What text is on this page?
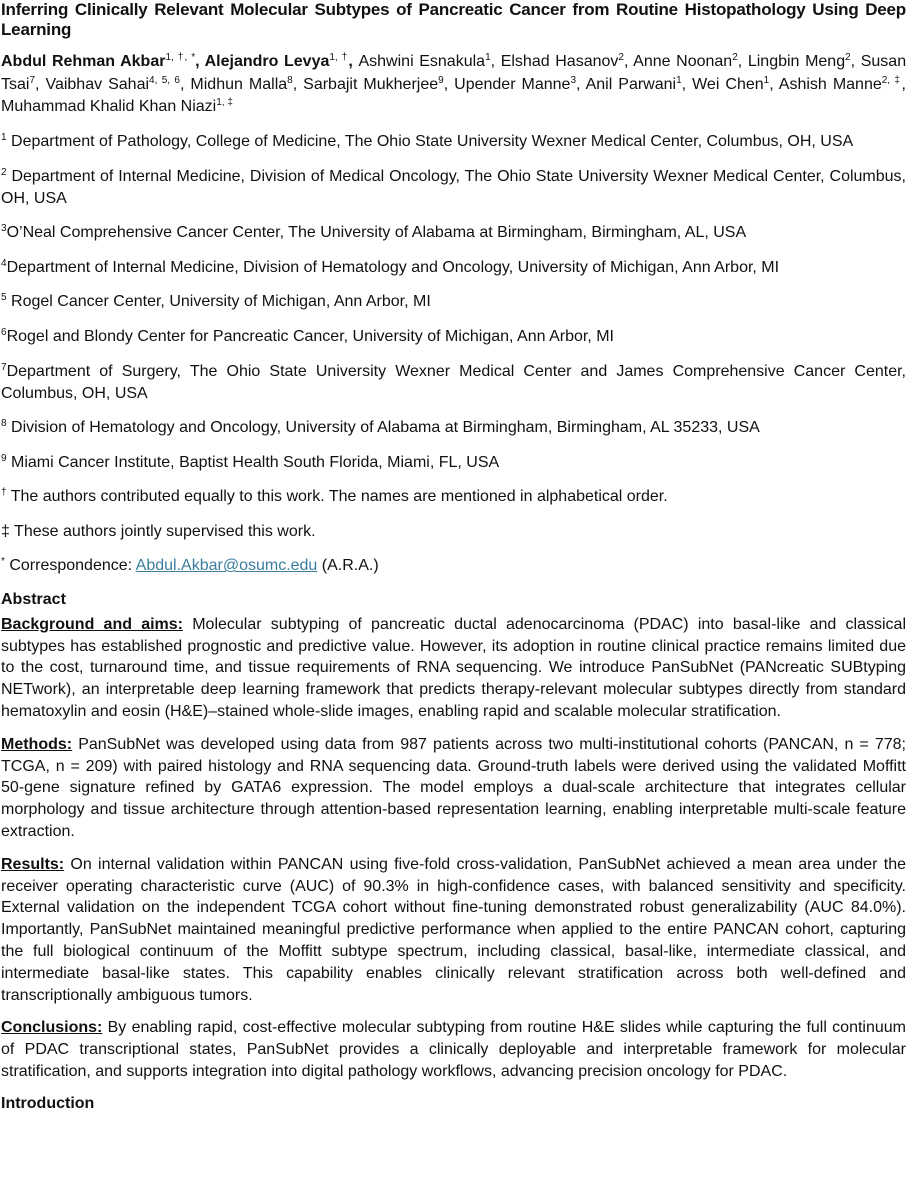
Inferring Clinically Relevant Molecular Subtypes of Pancreatic Cancer from Routine Histopathology Using Deep Learning
Abdul Rehman Akbar$^{1, \dagger, *}$, Alejandro Levya$^{1, \dagger}$, Ashwini Esnakula$^1$, Elshad Hasanov$^2$, Anne Noonan$^2$, Lingbin Meng$^2$, Susan Tsai$^7$, Vaibhav Sahai$^{4, 5, 6}$, Midhun Malla$^8$, Sarbajit Mukherjee$^9$, Upender Manne$^3$, Anil Parwani$^1$, Wei Chen$^1$, Ashish Manne$^{2, \ddagger}$, Muhammad Khalid Khan Niazi$^{1, \ddagger}$

$^1$ Department of Pathology, College of Medicine, The Ohio State University Wexner Medical Center, Columbus, OH, USA

$^2$ Department of Internal Medicine, Division of Medical Oncology, The Ohio State University Wexner Medical Center, Columbus, OH, USA

$^3$O’Neal Comprehensive Cancer Center, The University of Alabama at Birmingham, Birmingham, AL, USA

$^4$Department of Internal Medicine, Division of Hematology and Oncology, University of Michigan, Ann Arbor, MI

$^5$ Rogel Cancer Center, University of Michigan, Ann Arbor, MI

$^6$Rogel and Blondy Center for Pancreatic Cancer, University of Michigan, Ann Arbor, MI

$^7$Department of Surgery, The Ohio State University Wexner Medical Center and James Comprehensive Cancer Center, Columbus, OH, USA

$^8$ Division of Hematology and Oncology, University of Alabama at Birmingham, Birmingham, AL 35233, USA

$^9$ Miami Cancer Institute, Baptist Health South Florida, Miami, FL, USA

† The authors contributed equally to this work. The names are mentioned in alphabetical order.

‡ These authors jointly supervised this work.

* Correspondence: Abdul.Akbar@osumc.edu (A.R.A.)

Abstract

Background and aims: Molecular subtyping of pancreatic ductal adenocarcinoma (PDAC) into basal-like and classical subtypes has established prognostic and predictive value. However, its adoption in routine clinical practice remains limited due to the cost, turnaround time, and tissue requirements of RNA sequencing. We introduce PanSubNet (PANcreatic SUBtyping NETwork), an interpretable deep learning framework that predicts therapy-relevant molecular subtypes directly from standard hematoxylin and eosin (H&E)–stained whole-slide images, enabling rapid and scalable molecular stratification.

Methods: PanSubNet was developed using data from 987 patients across two multi-institutional cohorts (PANCAN, n = 778; TCGA, n = 209) with paired histology and RNA sequencing data. Ground-truth labels were derived using the validated Moffitt 50-gene signature refined by GATA6 expression. The model employs a dual-scale architecture that integrates cellular morphology and tissue architecture through attention-based representation learning, enabling interpretable multi-scale feature extraction.

Results: On internal validation within PANCAN using five-fold cross-validation, PanSubNet achieved a mean area under the receiver operating characteristic curve (AUC) of 90.3% in high-confidence cases, with balanced sensitivity and specificity. External validation on the independent TCGA cohort without fine-tuning demonstrated robust generalizability (AUC 84.0%). Importantly, PanSubNet maintained meaningful predictive performance when applied to the entire PANCAN cohort, capturing the full biological continuum of the Moffitt subtype spectrum, including classical, basal-like, intermediate classical, and intermediate basal-like states. This capability enables clinically relevant stratification across both well-defined and transcriptionally ambiguous tumors.

Conclusions: By enabling rapid, cost-effective molecular subtyping from routine H&E slides while capturing the full continuum of PDAC transcriptional states, PanSubNet provides a clinically deployable and interpretable framework for molecular stratification, and supports integration into digital pathology workflows, advancing precision oncology for PDAC.

Introduction
